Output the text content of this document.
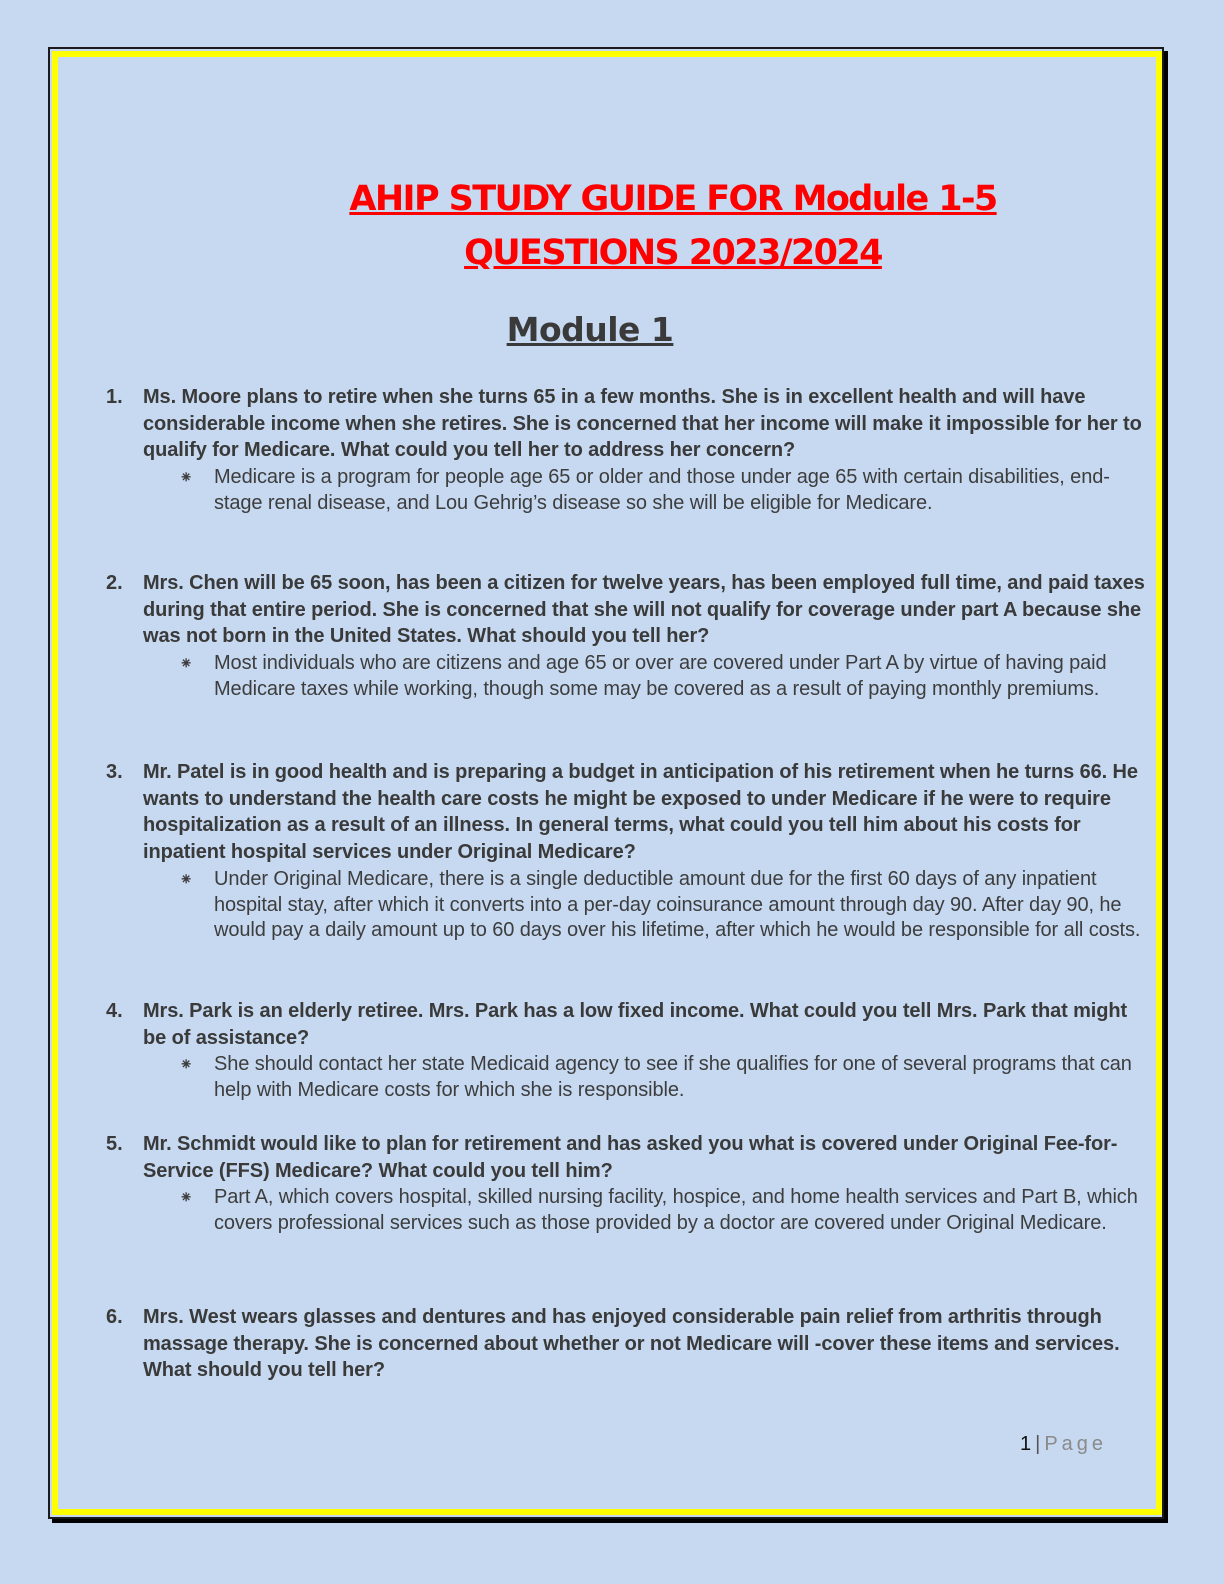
AHIP STUDY GUIDE FOR Module 1-5
QUESTIONS 2023/2024
Module 1
1. Ms. Moore plans to retire when she turns 65 in a few months. She is in excellent health and will have considerable income when she retires. She is concerned that her income will make it impossible for her to qualify for Medicare. What could you tell her to address her concern?

⁕ Medicare is a program for people age 65 or older and those under age 65 with certain disabilities, end-stage renal disease, and Lou Gehrig’s disease so she will be eligible for Medicare.
2. Mrs. Chen will be 65 soon, has been a citizen for twelve years, has been employed full time, and paid taxes during that entire period. She is concerned that she will not qualify for coverage under part A because she was not born in the United States. What should you tell her?

⁕ Most individuals who are citizens and age 65 or over are covered under Part A by virtue of having paid Medicare taxes while working, though some may be covered as a result of paying monthly premiums.
3. Mr. Patel is in good health and is preparing a budget in anticipation of his retirement when he turns 66. He wants to understand the health care costs he might be exposed to under Medicare if he were to require hospitalization as a result of an illness. In general terms, what could you tell him about his costs for inpatient hospital services under Original Medicare?

⁕ Under Original Medicare, there is a single deductible amount due for the first 60 days of any inpatient hospital stay, after which it converts into a per-day coinsurance amount through day 90. After day 90, he would pay a daily amount up to 60 days over his lifetime, after which he would be responsible for all costs.
4. Mrs. Park is an elderly retiree. Mrs. Park has a low fixed income. What could you tell Mrs. Park that might be of assistance?

⁕ She should contact her state Medicaid agency to see if she qualifies for one of several programs that can help with Medicare costs for which she is responsible.
5. Mr. Schmidt would like to plan for retirement and has asked you what is covered under Original Fee-for-Service (FFS) Medicare? What could you tell him?

⁕ Part A, which covers hospital, skilled nursing facility, hospice, and home health services and Part B, which covers professional services such as those provided by a doctor are covered under Original Medicare.
6. Mrs. West wears glasses and dentures and has enjoyed considerable pain relief from arthritis through massage therapy. She is concerned about whether or not Medicare will -cover these items and services. What should you tell her?

1 | Page
